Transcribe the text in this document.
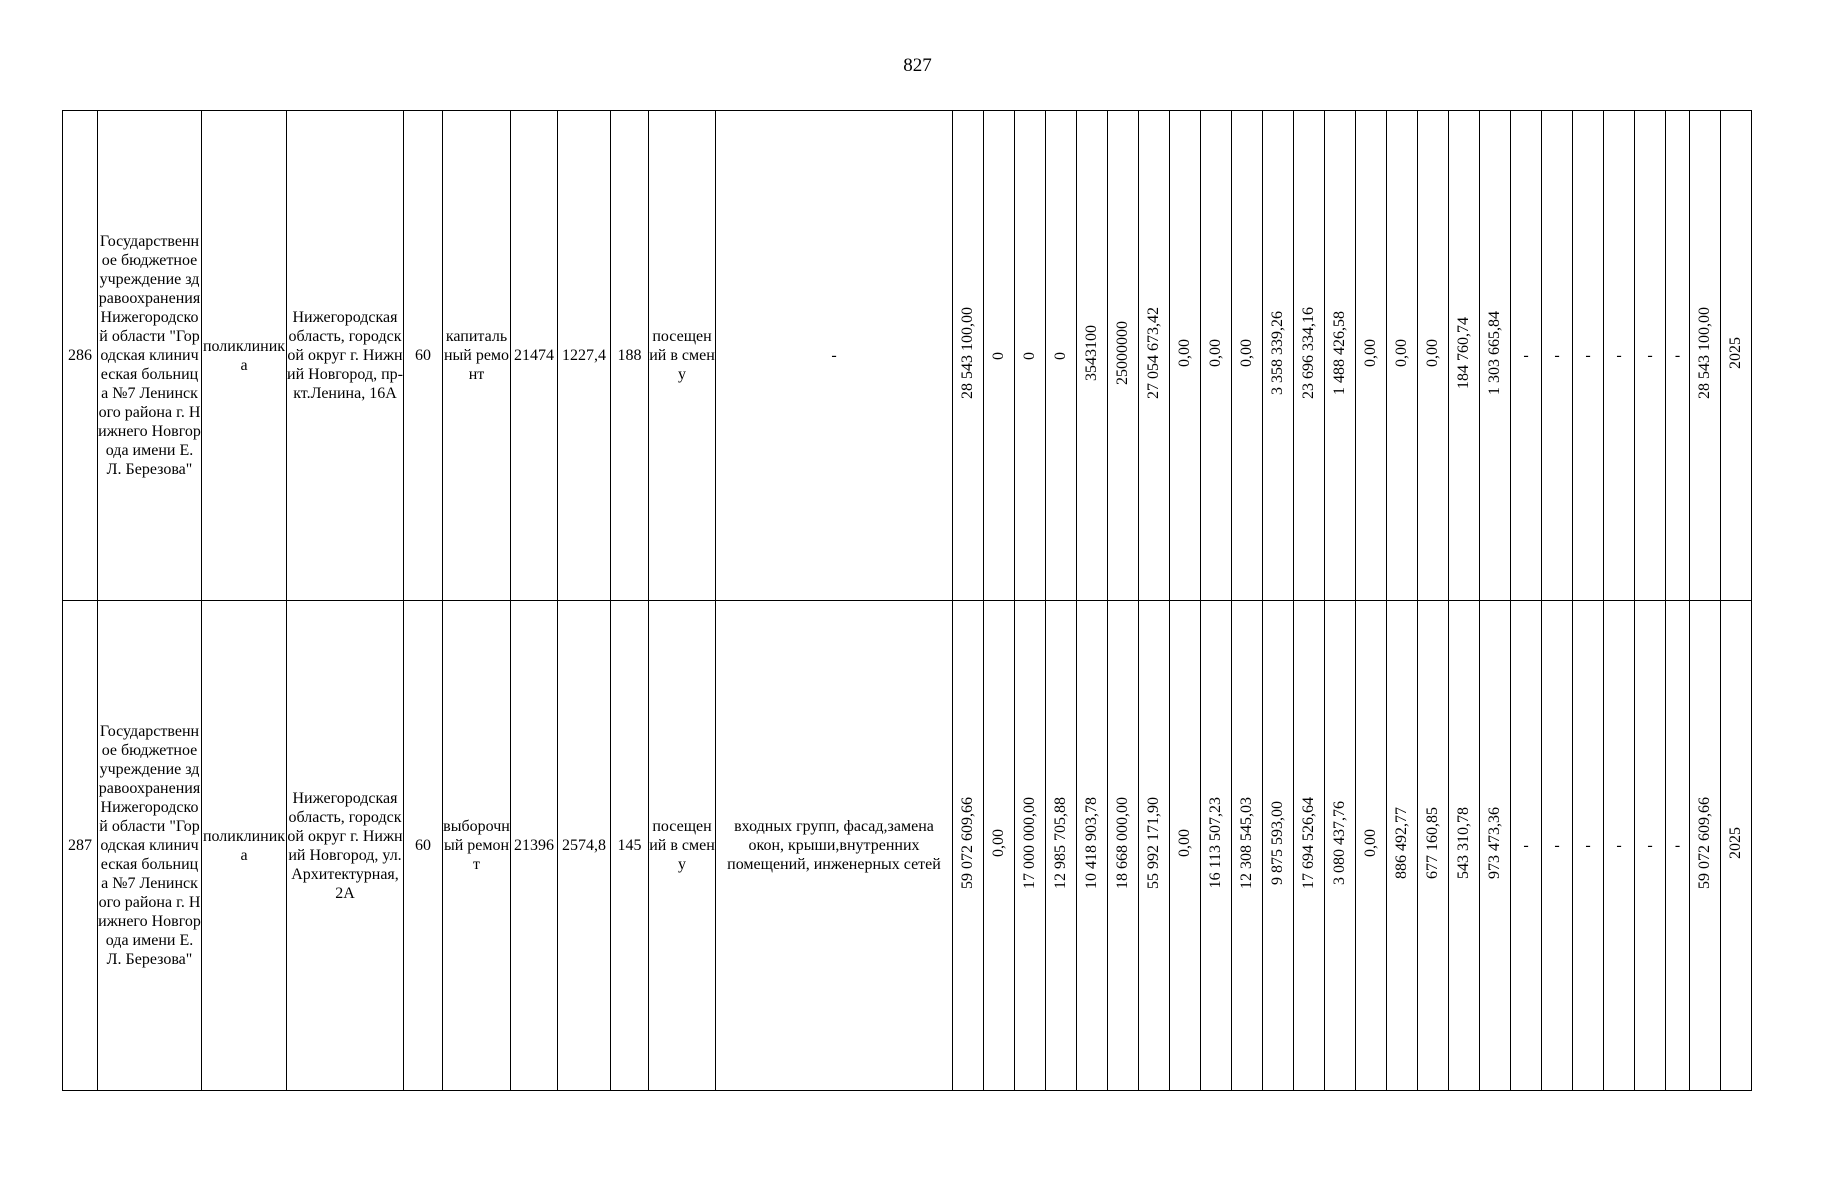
827
286	Государственное бюджетное учреждение здравоохранения Нижегородской области "Городская клиническая больница №7 Ленинского района г. Нижнего Новгорода имени Е. Л. Березова"	поликлиника	Нижегородская область, городской округ г. Нижний Новгород, пр-кт.Ленина, 16А	60	капитальный ремонт	21474	1227,4	188	посещений в смену	-	28 543 100,00	0	0	0	3543100	25000000	27 054 673,42	0,00	0,00	0,00	3 358 339,26	23 696 334,16	1 488 426,58	0,00	0,00	0,00	184 760,74	1 303 665,84	-	-	-	-	-	-	28 543 100,00	2025
287	Государственное бюджетное учреждение здравоохранения Нижегородской области "Городская клиническая больница №7 Ленинского района г. Нижнего Новгорода имени Е. Л. Березова"	поликлиника	Нижегородская область, городской округ г. Нижний Новгород, ул.Архитектурная, 2А	60	выборочный ремонт	21396	2574,8	145	посещений в смену	входных групп, фасад,замена окон, крыши,внутренних помещений, инженерных сетей	59 072 609,66	0,00	17 000 000,00	12 985 705,88	10 418 903,78	18 668 000,00	55 992 171,90	0,00	16 113 507,23	12 308 545,03	9 875 593,00	17 694 526,64	3 080 437,76	0,00	886 492,77	677 160,85	543 310,78	973 473,36	-	-	-	-	-	-	59 072 609,66	2025
